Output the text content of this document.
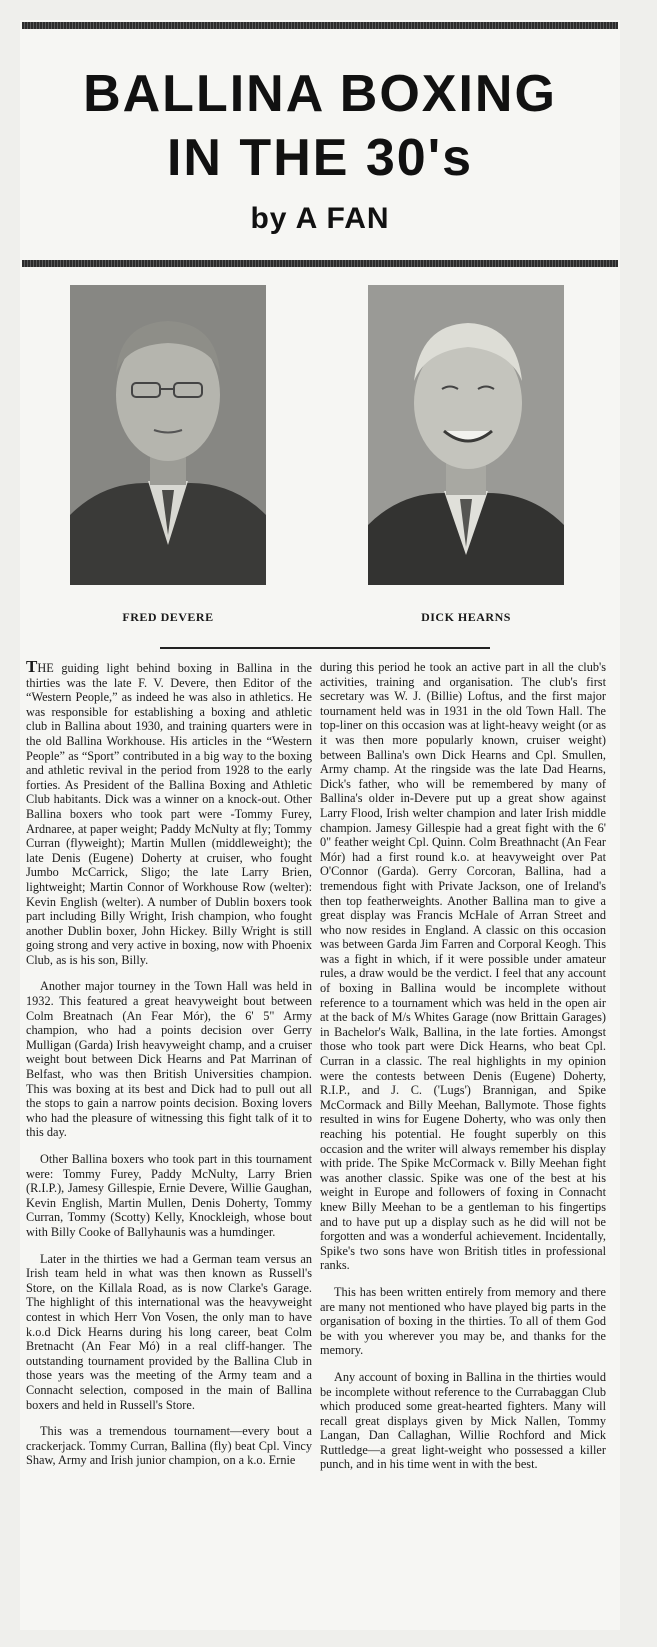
BALLINA BOXING
IN THE 30's
by A FAN
FRED DEVERE	DICK HEARNS

THE guiding light behind boxing in Ballina in the thirties was the late F. V. Devere, then Editor of the “Western People,” as indeed he was also in athletics. He was responsible for establishing a boxing and athletic club in Ballina about 1930, and training quarters were in the old Ballina Workhouse. His articles in the “Western People” as “Sport” contributed in a big way to the boxing and athletic revival in the period from 1928 to the early forties. As President of the Ballina Boxing and Athletic Club habitants. Dick was a winner on a knock-out. Other Ballina boxers who took part were -Tommy Furey, Ardnaree, at paper weight; Paddy McNulty at fly; Tommy Curran (flyweight); Martin Mullen (middleweight); the late Denis (Eugene) Doherty at cruiser, who fought Jumbo McCarrick, Sligo; the late Larry Brien, lightweight; Martin Connor of Workhouse Row (welter): Kevin English (welter). A number of Dublin boxers took part including Billy Wright, Irish champion, who fought another Dublin boxer, John Hickey. Billy Wright is still going strong and very active in boxing, now with Phoenix Club, as is his son, Billy.

Another major tourney in the Town Hall was held in 1932. This featured a great heavyweight bout between Colm Breatnach (An Fear Mór), the 6' 5" Army champion, who had a points decision over Gerry Mulligan (Garda) Irish heavyweight champ, and a cruiser weight bout between Dick Hearns and Pat Marrinan of Belfast, who was then British Universities champion. This was boxing at its best and Dick had to pull out all the stops to gain a narrow points decision. Boxing lovers who had the pleasure of witnessing this fight talk of it to this day.

Other Ballina boxers who took part in this tournament were: Tommy Furey, Paddy McNulty, Larry Brien (R.I.P.), Jamesy Gillespie, Ernie Devere, Willie Gaughan, Kevin English, Martin Mullen, Denis Doherty, Tommy Curran, Tommy (Scotty) Kelly, Knockleigh, whose bout with Billy Cooke of Ballyhaunis was a humdinger.

Later in the thirties we had a German team versus an Irish team held in what was then known as Russell's Store, on the Killala Road, as is now Clarke's Garage. The highlight of this international was the heavyweight contest in which Herr Von Vosen, the only man to have k.o.d Dick Hearns during his long career, beat Colm Bretnacht (An Fear Mó) in a real cliff-hanger. The outstanding tournament provided by the Ballina Club in those years was the meeting of the Army team and a Connacht selection, composed in the main of Ballina boxers and held in Russell's Store.

This was a tremendous tournament—every bout a crackerjack. Tommy Curran, Ballina (fly) beat Cpl. Vincy Shaw, Army and Irish junior champion, on a k.o. Ernie

during this period he took an active part in all the club's activities, training and organisation. The club's first secretary was W. J. (Billie) Loftus, and the first major tournament held was in 1931 in the old Town Hall. The top-liner on this occasion was at light-heavy weight (or as it was then more popularly known, cruiser weight) between Ballina's own Dick Hearns and Cpl. Smullen, Army champ. At the ringside was the late Dad Hearns, Dick's father, who will be remembered by many of Ballina's older in-Devere put up a great show against Larry Flood, Irish welter champion and later Irish middle champion. Jamesy Gillespie had a great fight with the 6' 0" feather weight Cpl. Quinn. Colm Breathnacht (An Fear Mór) had a first round k.o. at heavyweight over Pat O'Connor (Garda). Gerry Corcoran, Ballina, had a tremendous fight with Private Jackson, one of Ireland's then top featherweights. Another Ballina man to give a great display was Francis McHale of Arran Street and who now resides in England. A classic on this occasion was between Garda Jim Farren and Corporal Keogh. This was a fight in which, if it were possible under amateur rules, a draw would be the verdict. I feel that any account of boxing in Ballina would be incomplete without reference to a tournament which was held in the open air at the back of M/s Whites Garage (now Brittain Garages) in Bachelor's Walk, Ballina, in the late forties. Amongst those who took part were Dick Hearns, who beat Cpl. Curran in a classic. The real highlights in my opinion were the contests between Denis (Eugene) Doherty, R.I.P., and J. C. ('Lugs') Brannigan, and Spike McCormack and Billy Meehan, Ballymote. Those fights resulted in wins for Eugene Doherty, who was only then reaching his potential. He fought superbly on this occasion and the writer will always remember his display with pride. The Spike McCormack v. Billy Meehan fight was another classic. Spike was one of the best at his weight in Europe and followers of foxing in Connacht knew Billy Meehan to be a gentleman to his fingertips and to have put up a display such as he did will not be forgotten and was a wonderful achievement. Incidentally, Spike's two sons have won British titles in professional ranks.

This has been written entirely from memory and there are many not mentioned who have played big parts in the organisation of boxing in the thirties. To all of them God be with you wherever you may be, and thanks for the memory.

Any account of boxing in Ballina in the thirties would be incomplete without reference to the Currabaggan Club which produced some great-hearted fighters. Many will recall great displays given by Mick Nallen, Tommy Langan, Dan Callaghan, Willie Rochford and Mick Ruttledge—a great light-weight who possessed a killer punch, and in his time went in with the best.
